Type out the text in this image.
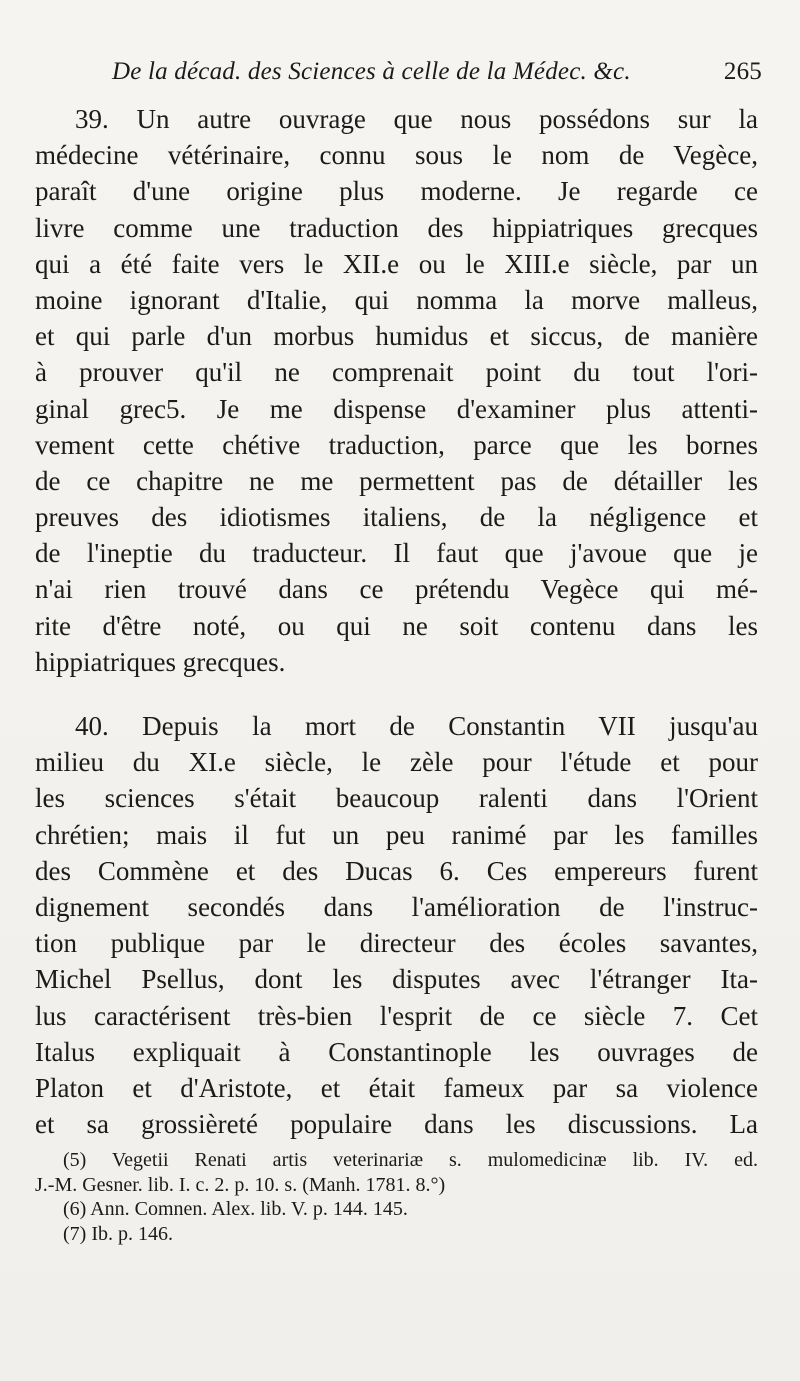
De la décad. des Sciences à celle de la Médec. &c.	265
39. Un autre ouvrage que nous possédons sur la
médecine vétérinaire, connu sous le nom de Vegèce,
paraît d'une origine plus moderne. Je regarde ce
livre comme une traduction des hippiatriques grecques
qui a été faite vers le XII.e ou le XIII.e siècle, par un
moine ignorant d'Italie, qui nomma la morve malleus,
et qui parle d'un morbus humidus et siccus, de manière
à prouver qu'il ne comprenait point du tout l'ori-
ginal grec5. Je me dispense d'examiner plus attenti-
vement cette chétive traduction, parce que les bornes
de ce chapitre ne me permettent pas de détailler les
preuves des idiotismes italiens, de la négligence et
de l'ineptie du traducteur. Il faut que j'avoue que je
n'ai rien trouvé dans ce prétendu Vegèce qui mé-
rite d'être noté, ou qui ne soit contenu dans les
hippiatriques grecques.
40. Depuis la mort de Constantin VII jusqu'au
milieu du XI.e siècle, le zèle pour l'étude et pour
les sciences s'était beaucoup ralenti dans l'Orient
chrétien; mais il fut un peu ranimé par les familles
des Commène et des Ducas 6. Ces empereurs furent
dignement secondés dans l'amélioration de l'instruc-
tion publique par le directeur des écoles savantes,
Michel Psellus, dont les disputes avec l'étranger Ita-
lus caractérisent très-bien l'esprit de ce siècle 7. Cet
Italus expliquait à Constantinople les ouvrages de
Platon et d'Aristote, et était fameux par sa violence
et sa grossièreté populaire dans les discussions. La
(5) Vegetii Renati artis veterinariæ s. mulomedicinæ lib. IV. ed.
J.-M. Gesner. lib. I. c. 2. p. 10. s. (Manh. 1781. 8.°)
(6) Ann. Comnen. Alex. lib. V. p. 144. 145.
(7) Ib. p. 146.
